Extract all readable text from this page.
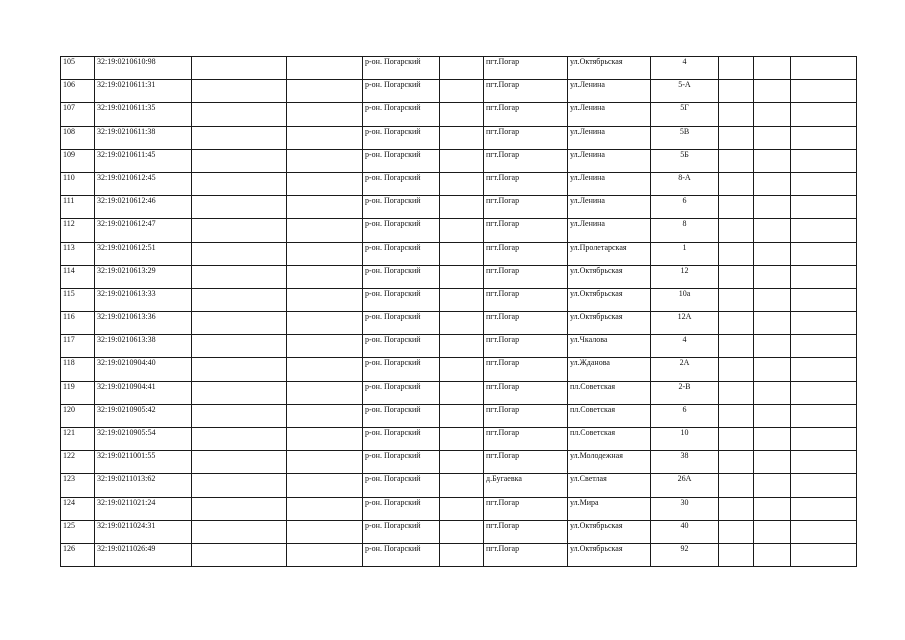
105	32:19:0210610:98			р-он. Погарский		пгт.Погар	ул.Октябрьская	4			
106	32:19:0210611:31			р-он. Погарский		пгт.Погар	ул.Ленина	5-А			
107	32:19:0210611:35			р-он. Погарский		пгт.Погар	ул.Ленина	5Г			
108	32:19:0210611:38			р-он. Погарский		пгт.Погар	ул.Ленина	5В			
109	32:19:0210611:45			р-он. Погарский		пгт.Погар	ул.Ленина	5Б			
110	32:19:0210612:45			р-он. Погарский		пгт.Погар	ул.Ленина	8-А			
111	32:19:0210612:46			р-он. Погарский		пгт.Погар	ул.Ленина	6			
112	32:19:0210612:47			р-он. Погарский		пгт.Погар	ул.Ленина	8			
113	32:19:0210612:51			р-он. Погарский		пгт.Погар	ул.Пролетарская	1			
114	32:19:0210613:29			р-он. Погарский		пгт.Погар	ул.Октябрьская	12			
115	32:19:0210613:33			р-он. Погарский		пгт.Погар	ул.Октябрьская	10а			
116	32:19:0210613:36			р-он. Погарский		пгт.Погар	ул.Октябрьская	12А			
117	32:19:0210613:38			р-он. Погарский		пгт.Погар	ул.Чкалова	4			
118	32:19:0210904:40			р-он. Погарский		пгт.Погар	ул.Жданова	2А			
119	32:19:0210904:41			р-он. Погарский		пгт.Погар	пл.Советская	2-В			
120	32:19:0210905:42			р-он. Погарский		пгт.Погар	пл.Советская	6			
121	32:19:0210905:54			р-он. Погарский		пгт.Погар	пл.Советская	10			
122	32:19:0211001:55			р-он. Погарский		пгт.Погар	ул.Молодежная	38			
123	32:19:0211013:62			р-он. Погарский		д.Бугаевка	ул.Светлая	26А			
124	32:19:0211021:24			р-он. Погарский		пгт.Погар	ул.Мира	30			
125	32:19:0211024:31			р-он. Погарский		пгт.Погар	ул.Октябрьская	40			
126	32:19:0211026:49			р-он. Погарский		пгт.Погар	ул.Октябрьская	92			
